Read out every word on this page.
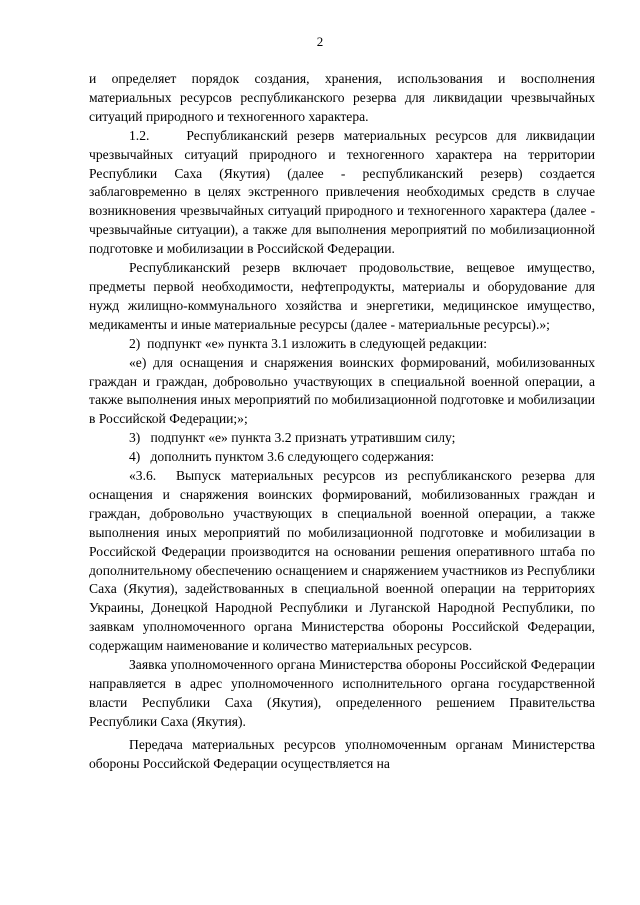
2

и определяет порядок создания, хранения, использования и восполнения материальных ресурсов республиканского резерва для ликвидации чрезвычайных ситуаций природного и техногенного характера.

1.2.    Республиканский резерв материальных ресурсов для ликвидации чрезвычайных ситуаций природного и техногенного характера на территории Республики Саха (Якутия) (далее - республиканский резерв) создается заблаговременно в целях экстренного привлечения необходимых средств в случае возникновения чрезвычайных ситуаций природного и техногенного характера (далее - чрезвычайные ситуации), а также для выполнения мероприятий по мобилизационной подготовке и мобилизации в Российской Федерации.

Республиканский резерв включает продовольствие, вещевое имущество, предметы первой необходимости, нефтепродукты, материалы и оборудование для нужд жилищно-коммунального хозяйства и энергетики, медицинское имущество, медикаменты и иные материальные ресурсы (далее - материальные ресурсы).»;

2)  подпункт «е» пункта 3.1 изложить в следующей редакции:

«е) для оснащения и снаряжения воинских формирований, мобилизованных граждан и граждан, добровольно участвующих в специальной военной операции, а также выполнения иных мероприятий по мобилизационной подготовке и мобилизации в Российской Федерации;»;

3)   подпункт «е» пункта 3.2 признать утратившим силу;

4)   дополнить пунктом 3.6 следующего содержания:

«3.6.  Выпуск материальных ресурсов из республиканского резерва для оснащения и снаряжения воинских формирований, мобилизованных граждан и граждан, добровольно участвующих в специальной военной операции, а также выполнения иных мероприятий по мобилизационной подготовке и мобилизации в Российской Федерации производится на основании решения оперативного штаба по дополнительному обеспечению оснащением и снаряжением участников из Республики Саха (Якутия), задействованных в специальной военной операции на территориях Украины, Донецкой Народной Республики и Луганской Народной Республики, по заявкам уполномоченного органа Министерства обороны Российской Федерации, содержащим наименование и количество материальных ресурсов.

Заявка уполномоченного органа Министерства обороны Российской Федерации направляется в адрес уполномоченного исполнительного органа государственной власти Республики Саха (Якутия), определенного решением Правительства Республики Саха (Якутия).

Передача материальных ресурсов уполномоченным органам Министерства обороны Российской Федерации осуществляется на
